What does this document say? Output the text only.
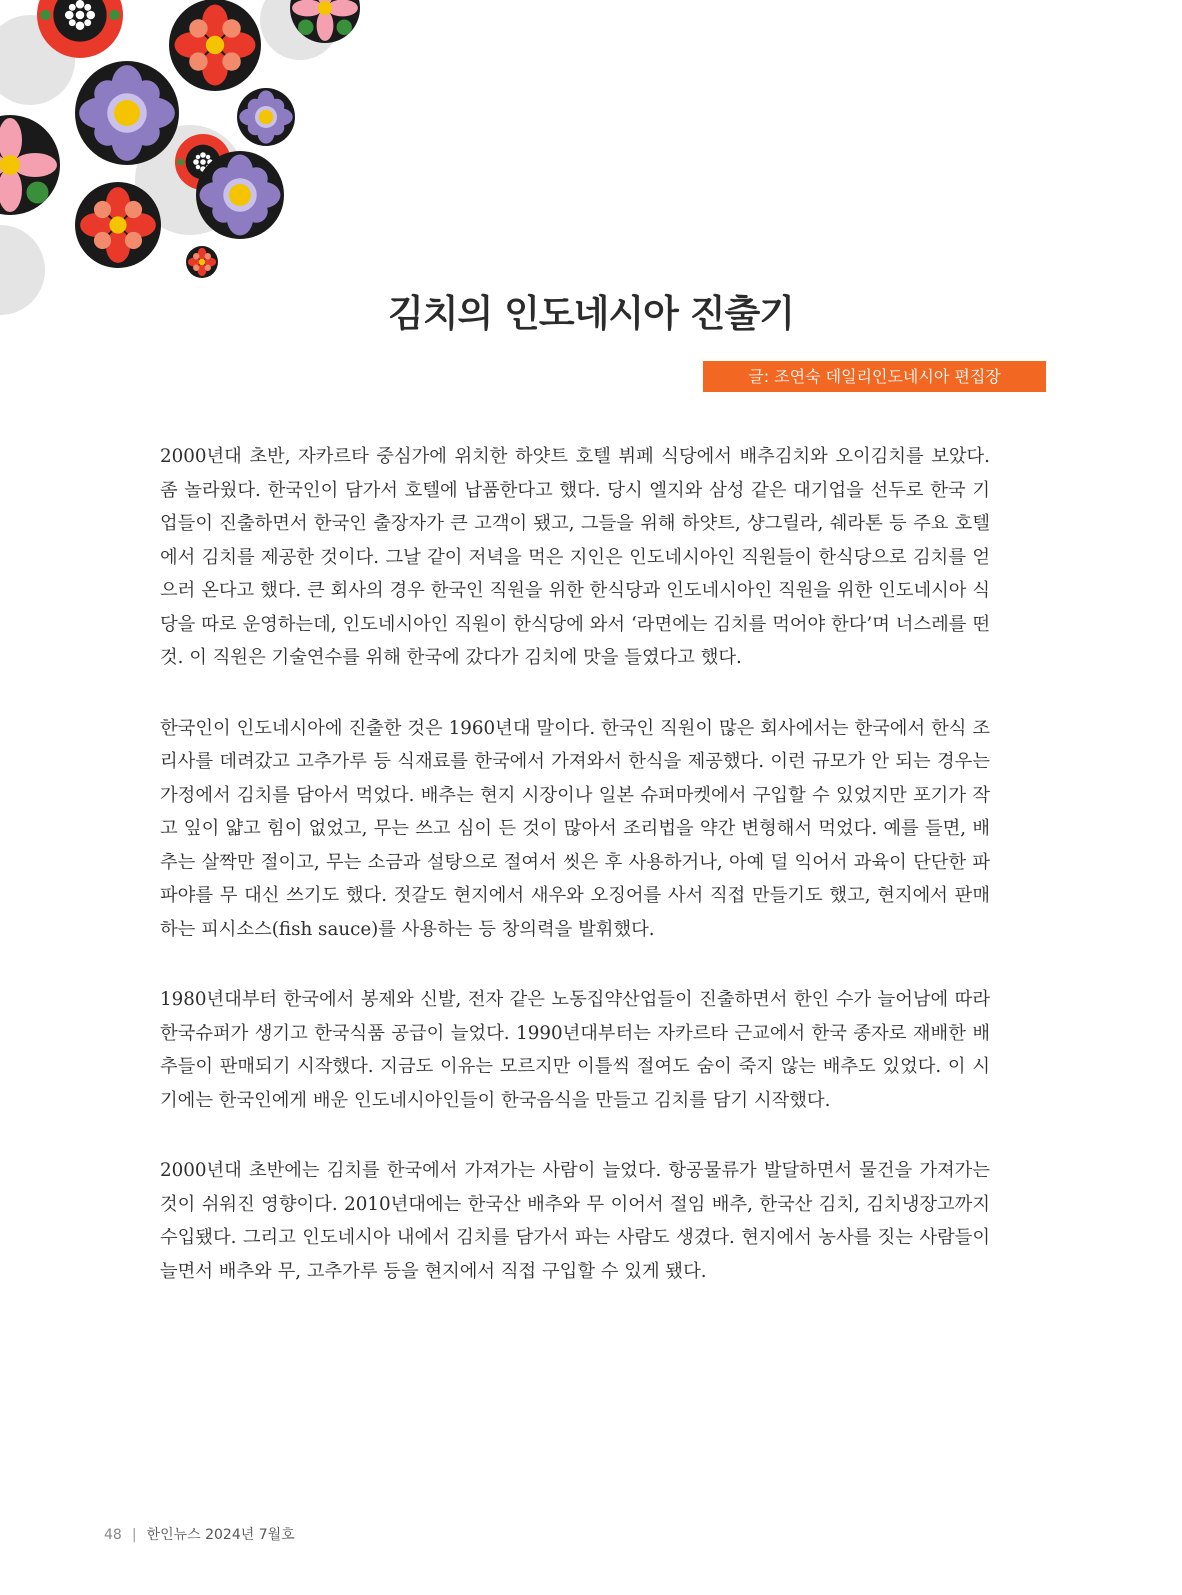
김치의 인도네시아 진출기
글: 조연숙 데일리인도네시아 편집장

2000년대 초반, 자카르타 중심가에 위치한 하얏트 호텔 뷔페 식당에서 배추김치와 오이김치를 보았다. 좀 놀라웠다. 한국인이 담가서 호텔에 납품한다고 했다. 당시 엘지와 삼성 같은 대기업을 선두로 한국 기업들이 진출하면서 한국인 출장자가 큰 고객이 됐고, 그들을 위해 하얏트, 샹그릴라, 쉐라톤 등 주요 호텔에서 김치를 제공한 것이다. 그날 같이 저녁을 먹은 지인은 인도네시아인 직원들이 한식당으로 김치를 얻으러 온다고 했다. 큰 회사의 경우 한국인 직원을 위한 한식당과 인도네시아인 직원을 위한 인도네시아 식당을 따로 운영하는데, 인도네시아인 직원이 한식당에 와서 ‘라면에는 김치를 먹어야 한다’며 너스레를 떤 것. 이 직원은 기술연수를 위해 한국에 갔다가 김치에 맛을 들였다고 했다.

한국인이 인도네시아에 진출한 것은 1960년대 말이다. 한국인 직원이 많은 회사에서는 한국에서 한식 조리사를 데려갔고 고추가루 등 식재료를 한국에서 가져와서 한식을 제공했다. 이런 규모가 안 되는 경우는 가정에서 김치를 담아서 먹었다. 배추는 현지 시장이나 일본 슈퍼마켓에서 구입할 수 있었지만 포기가 작고 잎이 얇고 힘이 없었고, 무는 쓰고 심이 든 것이 많아서 조리법을 약간 변형해서 먹었다. 예를 들면, 배추는 살짝만 절이고, 무는 소금과 설탕으로 절여서 씻은 후 사용하거나, 아예 덜 익어서 과육이 단단한 파파야를 무 대신 쓰기도 했다. 젓갈도 현지에서 새우와 오징어를 사서 직접 만들기도 했고, 현지에서 판매하는 피시소스(fish sauce)를 사용하는 등 창의력을 발휘했다.

1980년대부터 한국에서 봉제와 신발, 전자 같은 노동집약산업들이 진출하면서 한인 수가 늘어남에 따라 한국슈퍼가 생기고 한국식품 공급이 늘었다. 1990년대부터는 자카르타 근교에서 한국 종자로 재배한 배추들이 판매되기 시작했다. 지금도 이유는 모르지만 이틀씩 절여도 숨이 죽지 않는 배추도 있었다. 이 시기에는 한국인에게 배운 인도네시아인들이 한국음식을 만들고 김치를 담기 시작했다.

2000년대 초반에는 김치를 한국에서 가져가는 사람이 늘었다. 항공물류가 발달하면서 물건을 가져가는 것이 쉬워진 영향이다. 2010년대에는 한국산 배추와 무 이어서 절임 배추, 한국산 김치, 김치냉장고까지 수입됐다. 그리고 인도네시아 내에서 김치를 담가서 파는 사람도 생겼다. 현지에서 농사를 짓는 사람들이 늘면서 배추와 무, 고추가루 등을 현지에서 직접 구입할 수 있게 됐다.

48 | 한인뉴스 2024년 7월호
